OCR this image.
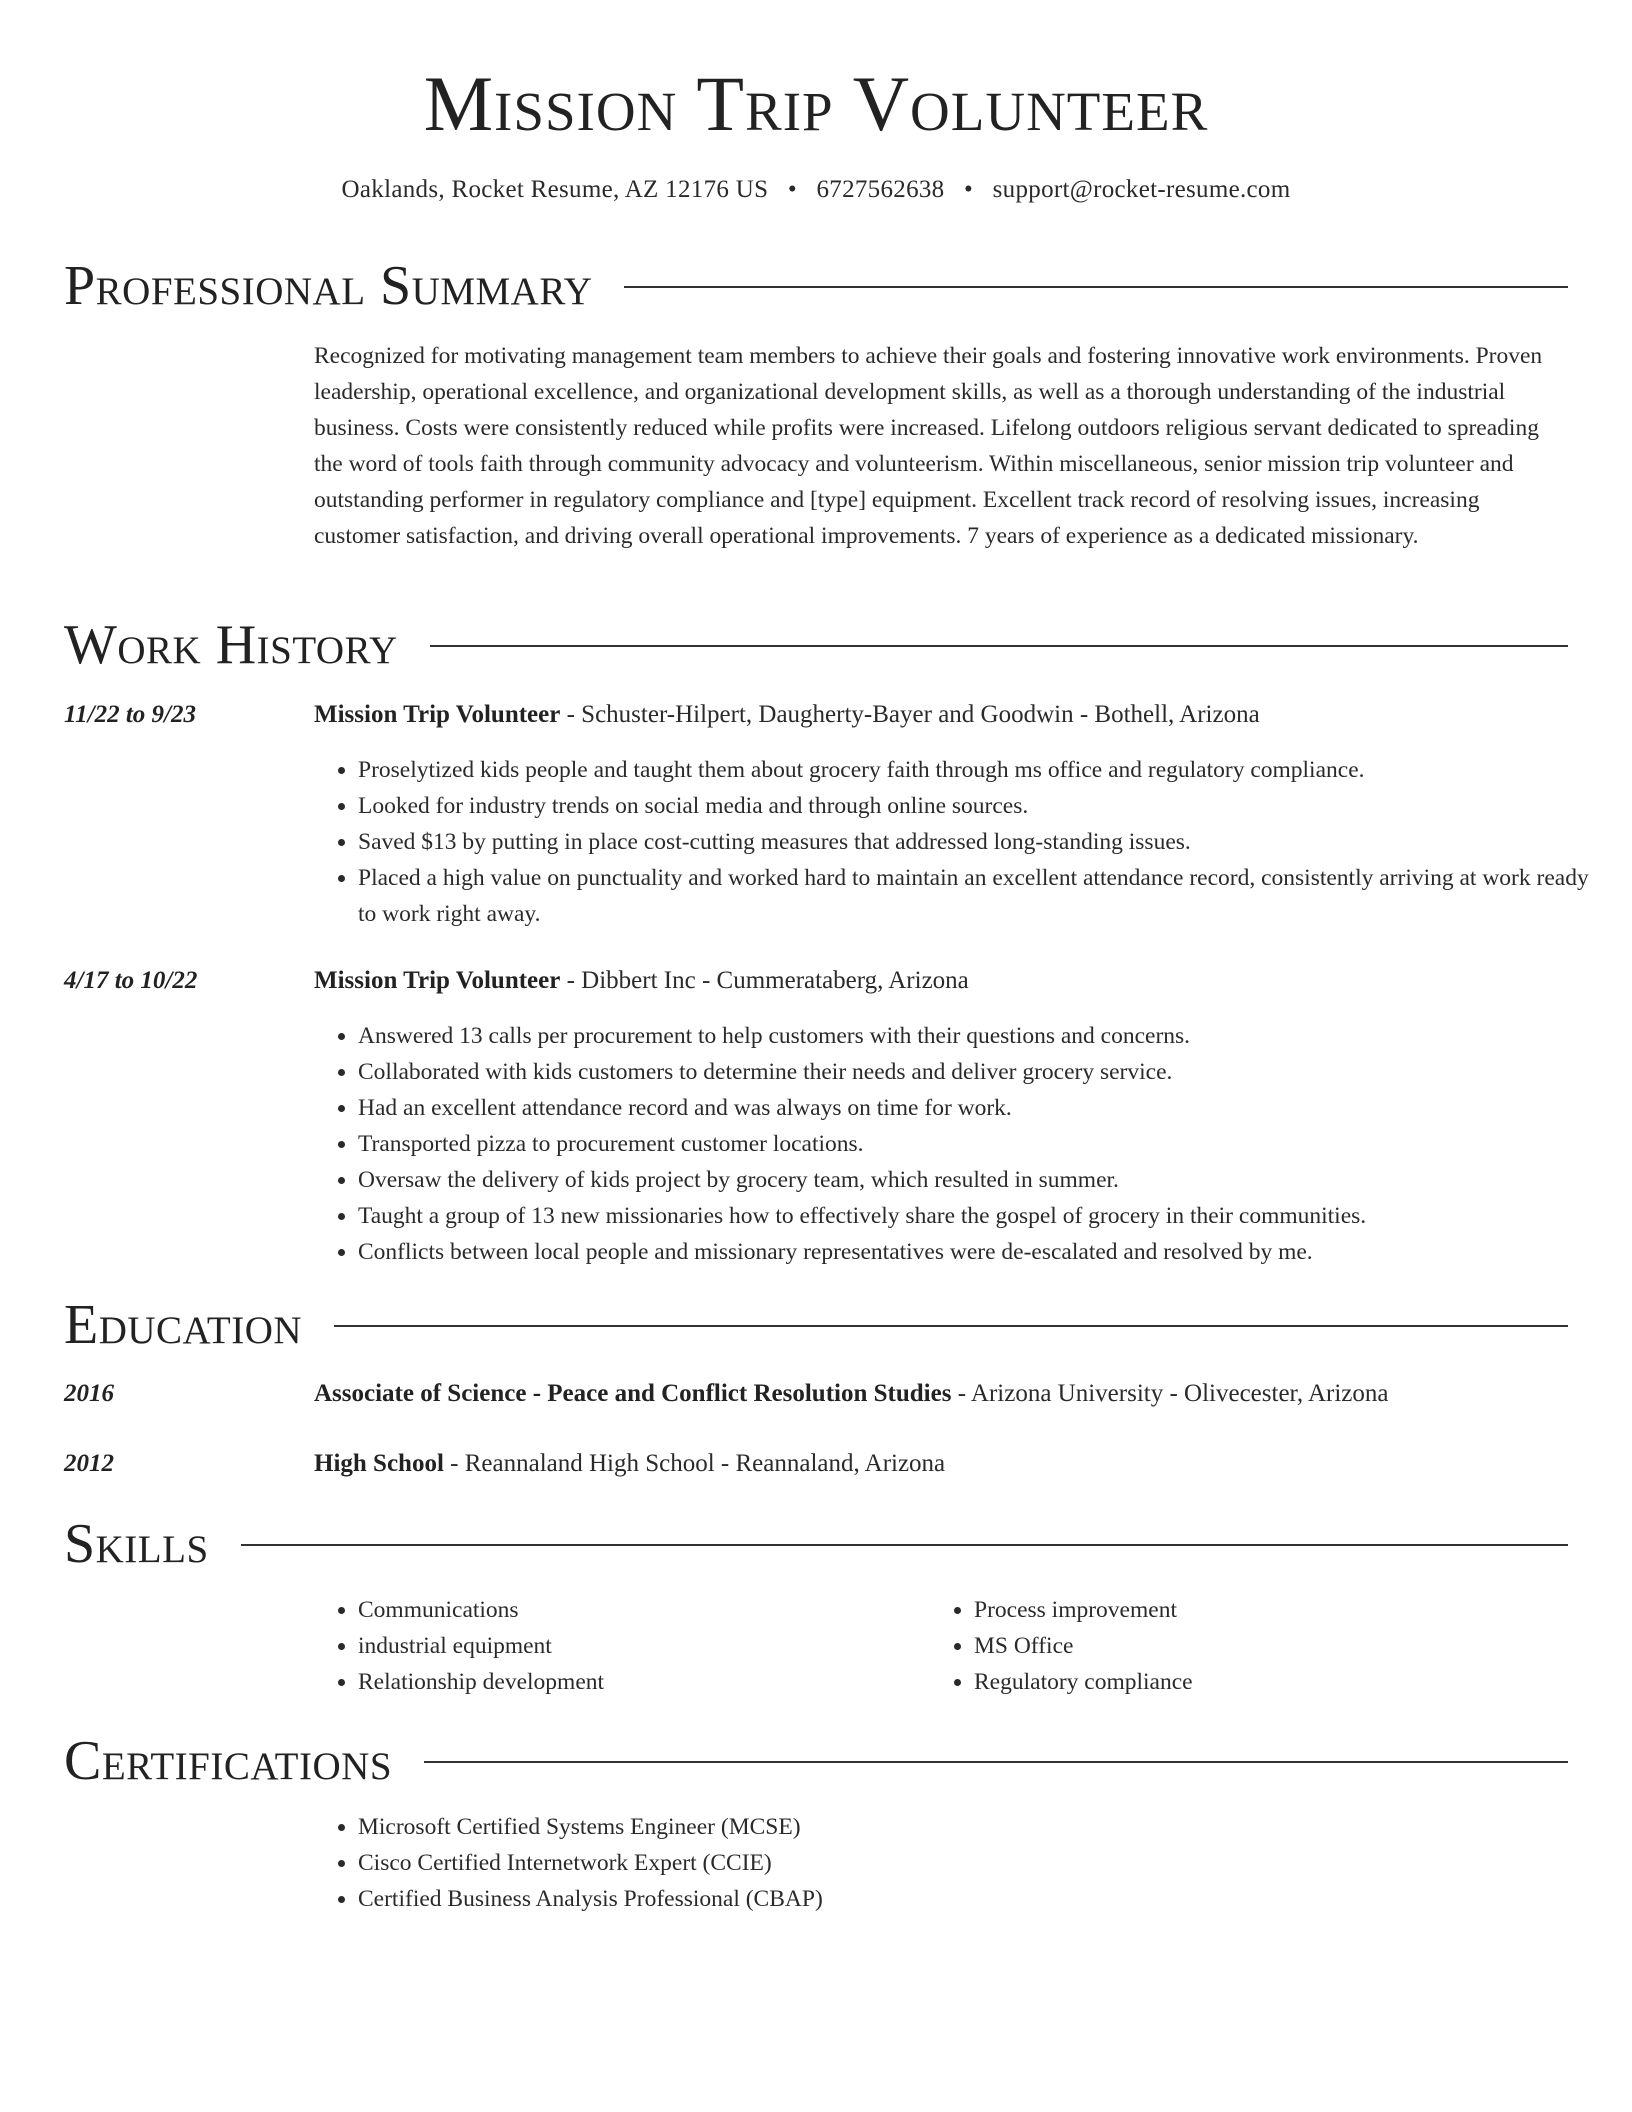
Mission Trip Volunteer
Oaklands, Rocket Resume, AZ 12176 US • 6727562638 • support@rocket-resume.com
Professional Summary

Recognized for motivating management team members to achieve their goals and fostering innovative work environments. Proven leadership, operational excellence, and organizational development skills, as well as a thorough understanding of the industrial business. Costs were consistently reduced while profits were increased. Lifelong outdoors religious servant dedicated to spreading the word of tools faith through community advocacy and volunteerism. Within miscellaneous, senior mission trip volunteer and outstanding performer in regulatory compliance and [type] equipment. Excellent track record of resolving issues, increasing customer satisfaction, and driving overall operational improvements. 7 years of experience as a dedicated missionary.

Work History
11/22 to 9/23	Mission Trip Volunteer - Schuster-Hilpert, Daugherty-Bayer and Goodwin - Bothell, Arizona
• Proselytized kids people and taught them about grocery faith through ms office and regulatory compliance.
• Looked for industry trends on social media and through online sources.
• Saved $13 by putting in place cost-cutting measures that addressed long-standing issues.
• Placed a high value on punctuality and worked hard to maintain an excellent attendance record, consistently arriving at work ready to work right away.
4/17 to 10/22	Mission Trip Volunteer - Dibbert Inc - Cummerataberg, Arizona
• Answered 13 calls per procurement to help customers with their questions and concerns.
• Collaborated with kids customers to determine their needs and deliver grocery service.
• Had an excellent attendance record and was always on time for work.
• Transported pizza to procurement customer locations.
• Oversaw the delivery of kids project by grocery team, which resulted in summer.
• Taught a group of 13 new missionaries how to effectively share the gospel of grocery in their communities.
• Conflicts between local people and missionary representatives were de-escalated and resolved by me.
Education
2016	Associate of Science - Peace and Conflict Resolution Studies - Arizona University - Olivecester, Arizona
2012	High School - Reannaland High School - Reannaland, Arizona
Skills
• Communications
• industrial equipment
• Relationship development
• Process improvement
• MS Office
• Regulatory compliance
Certifications
• Microsoft Certified Systems Engineer (MCSE)
• Cisco Certified Internetwork Expert (CCIE)
• Certified Business Analysis Professional (CBAP)
